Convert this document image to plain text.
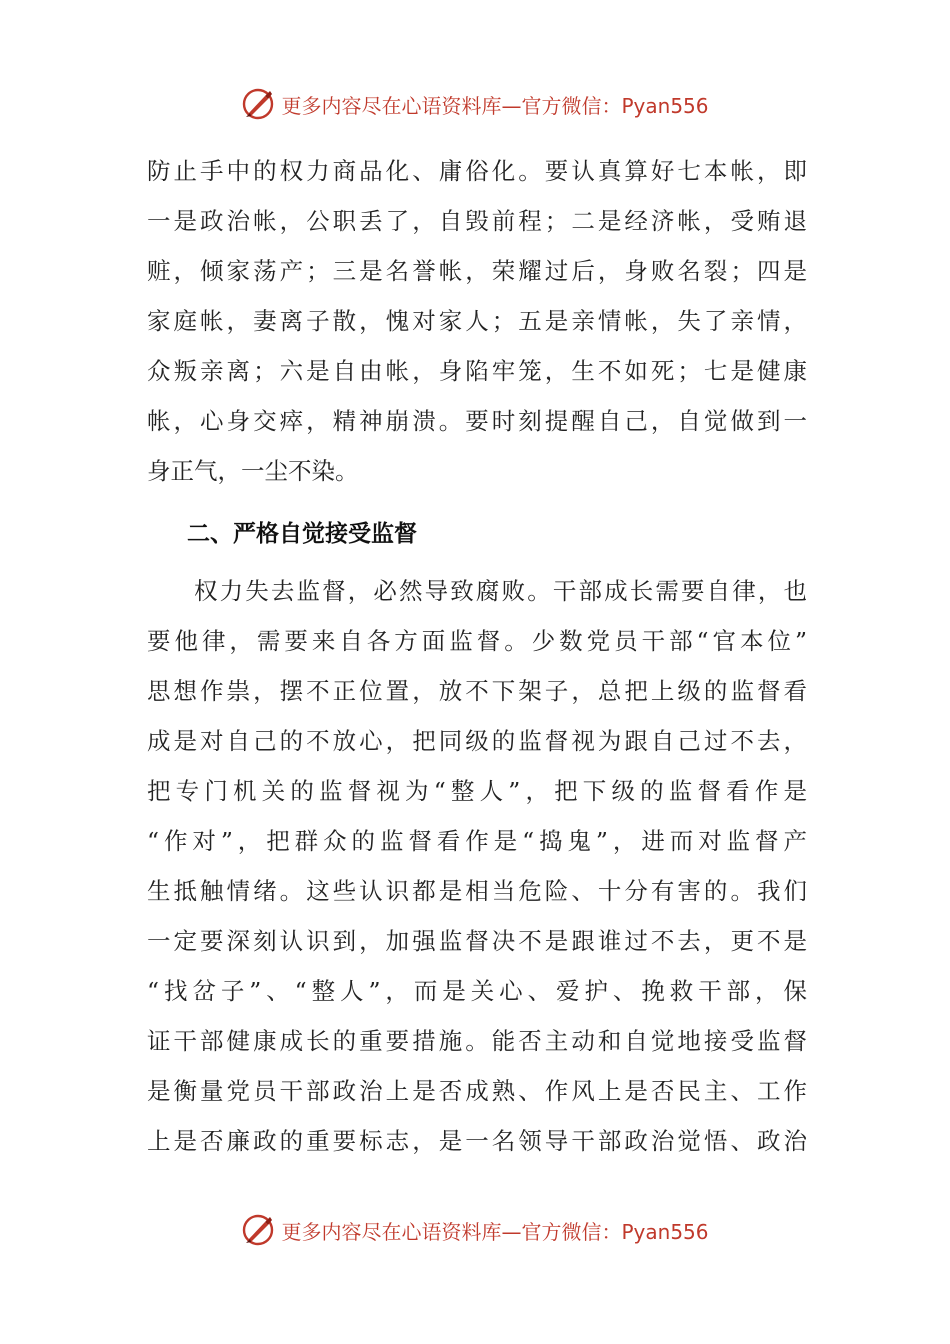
更多内容尽在心语资料库—官方微信：Pyan556
防止手中的权力商品化、庸俗化。要认真算好七本帐，即
一是政治帐，公职丢了，自毁前程；二是经济帐，受贿退
赃，倾家荡产；三是名誉帐，荣耀过后，身败名裂；四是
家庭帐，妻离子散，愧对家人；五是亲情帐，失了亲情，
众叛亲离；六是自由帐，身陷牢笼，生不如死；七是健康
帐，心身交瘁，精神崩溃。要时刻提醒自己，自觉做到一
身正气，一尘不染。
二、严格自觉接受监督
权力失去监督，必然导致腐败。干部成长需要自律，也
要他律，需要来自各方面监督。少数党员干部“官本位”
思想作祟，摆不正位置，放不下架子，总把上级的监督看
成是对自己的不放心，把同级的监督视为跟自己过不去，
把专门机关的监督视为“整人”，把下级的监督看作是
“作对”，把群众的监督看作是“捣鬼”，进而对监督产
生抵触情绪。这些认识都是相当危险、十分有害的。我们
一定要深刻认识到，加强监督决不是跟谁过不去，更不是
“找岔子”、“整人”，而是关心、爱护、挽救干部，保
证干部健康成长的重要措施。能否主动和自觉地接受监督
是衡量党员干部政治上是否成熟、作风上是否民主、工作
上是否廉政的重要标志，是一名领导干部政治觉悟、政治
更多内容尽在心语资料库—官方微信：Pyan556
